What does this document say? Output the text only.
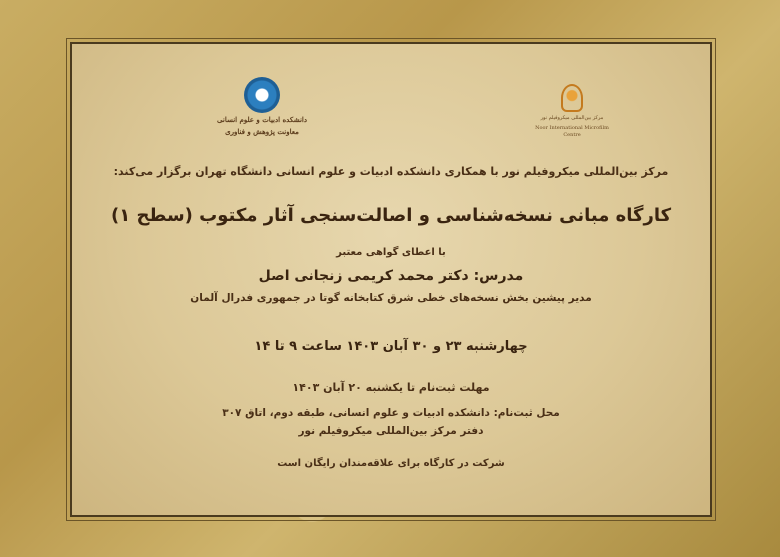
دانشکده ادبیات و علوم انسانی
معاونت پژوهش و فناوری
مرکز بین‌المللی میکروفیلم نور
Noor International Microfilm Centre
مرکز بین‌المللی میکروفیلم نور با همکاری دانشکده ادبیات و علوم انسانی دانشگاه تهران برگزار می‌کند:
کارگاه مبانی نسخه‌شناسی و اصالت‌سنجی آثار مکتوب (سطح ۱)
با اعطای گواهی معتبر
مدرس: دکتر محمد کریمی زنجانی اصل
مدیر پیشین بخش نسخه‌های خطی شرق کتابخانه گوتا در جمهوری فدرال آلمان
چهارشنبه ۲۳ و ۳۰ آبان ۱۴۰۳ ساعت ۹ تا ۱۴
مهلت ثبت‌نام تا یکشنبه ۲۰ آبان ۱۴۰۳
محل ثبت‌نام: دانشکده ادبیات و علوم انسانی، طبقه دوم، اتاق ۳۰۷
دفتر مرکز بین‌المللی میکروفیلم نور
شرکت در کارگاه برای علاقه‌مندان رایگان است
